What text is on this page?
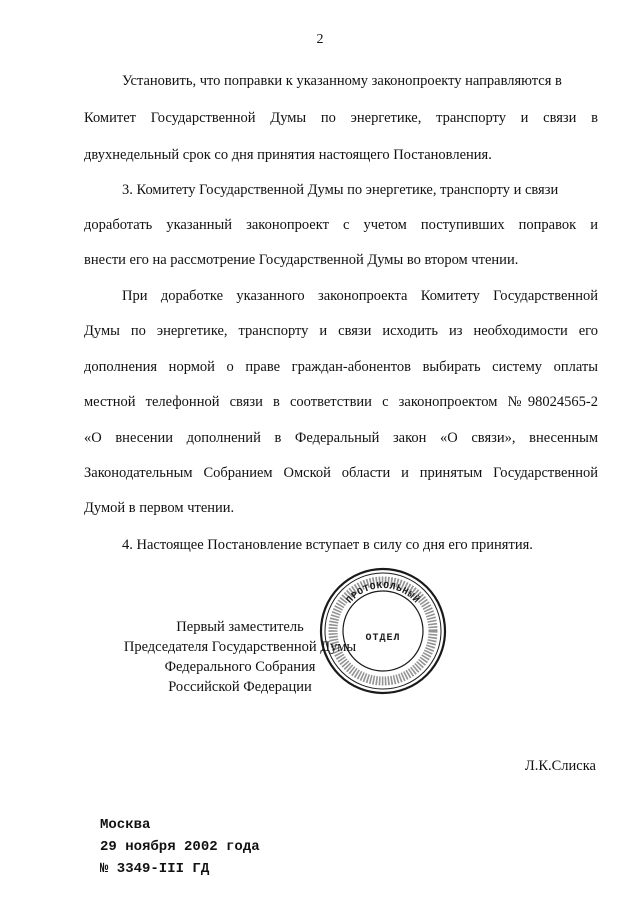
2
Установить, что поправки к указанному законопроекту направляются в
Комитет Государственной Думы по энергетике, транспорту и связи в
двухнедельный срок со дня принятия настоящего Постановления.
3. Комитету Государственной Думы по энергетике, транспорту и связи
доработать указанный законопроект с учетом поступивших поправок и
внести его на рассмотрение Государственной Думы во втором чтении.
При доработке указанного законопроекта Комитету Государственной
Думы по энергетике, транспорту и связи исходить из необходимости его
дополнения нормой о праве граждан-абонентов выбирать систему оплаты
местной телефонной связи в соответствии с законопроектом №98024565-2
«О внесении дополнений в Федеральный закон «О связи», внесенным
Законодательным Собранием Омской области и принятым Государственной
Думой в первом чтении.
4. Настоящее Постановление вступает в силу со дня его принятия.
ПРОТОКОЛЬНЫЙ
ОТДЕЛ
Первый заместитель
Председателя Государственной Думы
Федерального Собрания
Российской Федерации
Л.К.Слиска
Москва
29 ноября 2002 года
№ 3349-III ГД
